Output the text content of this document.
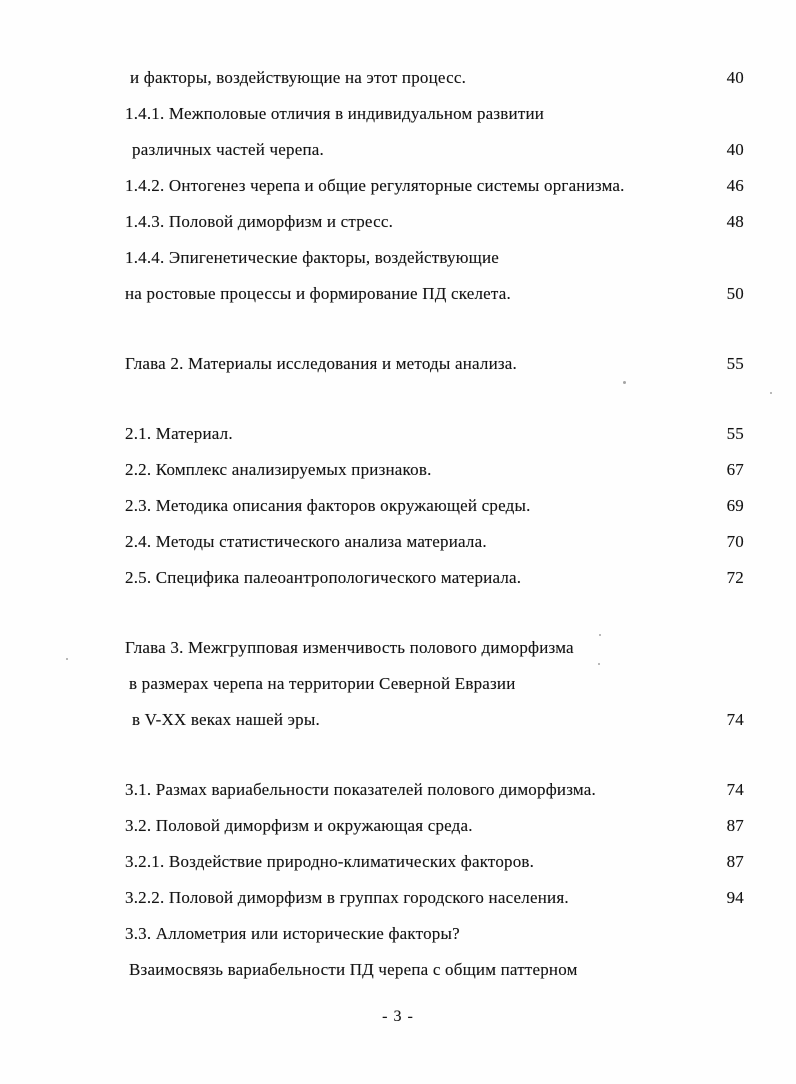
и факторы, воздействующие на этот процесс.	40
1.4.1. Межполовые отличия в индивидуальном развитии
различных частей черепа.	40
1.4.2. Онтогенез черепа и общие регуляторные системы организма.	46
1.4.3. Половой диморфизм и стресс.	48
1.4.4. Эпигенетические факторы, воздействующие
на ростовые процессы и формирование ПД скелета.	50
Глава 2. Материалы исследования и методы анализа.	55
2.1. Материал.	55
2.2. Комплекс анализируемых признаков.	67
2.3. Методика описания факторов окружающей среды.	69
2.4. Методы статистического анализа материала.	70
2.5. Специфика палеоантропологического материала.	72
Глава 3. Межгрупповая изменчивость полового диморфизма
в размерах черепа на территории Северной Евразии
в V-XX веках нашей эры.	74
3.1. Размах вариабельности показателей полового диморфизма.	74
3.2. Половой диморфизм и окружающая среда.	87
3.2.1. Воздействие природно-климатических факторов.	87
3.2.2. Половой диморфизм в группах городского населения.	94
3.3. Аллометрия или исторические факторы?
Взаимосвязь вариабельности ПД черепа с общим паттерном
- 3 -
